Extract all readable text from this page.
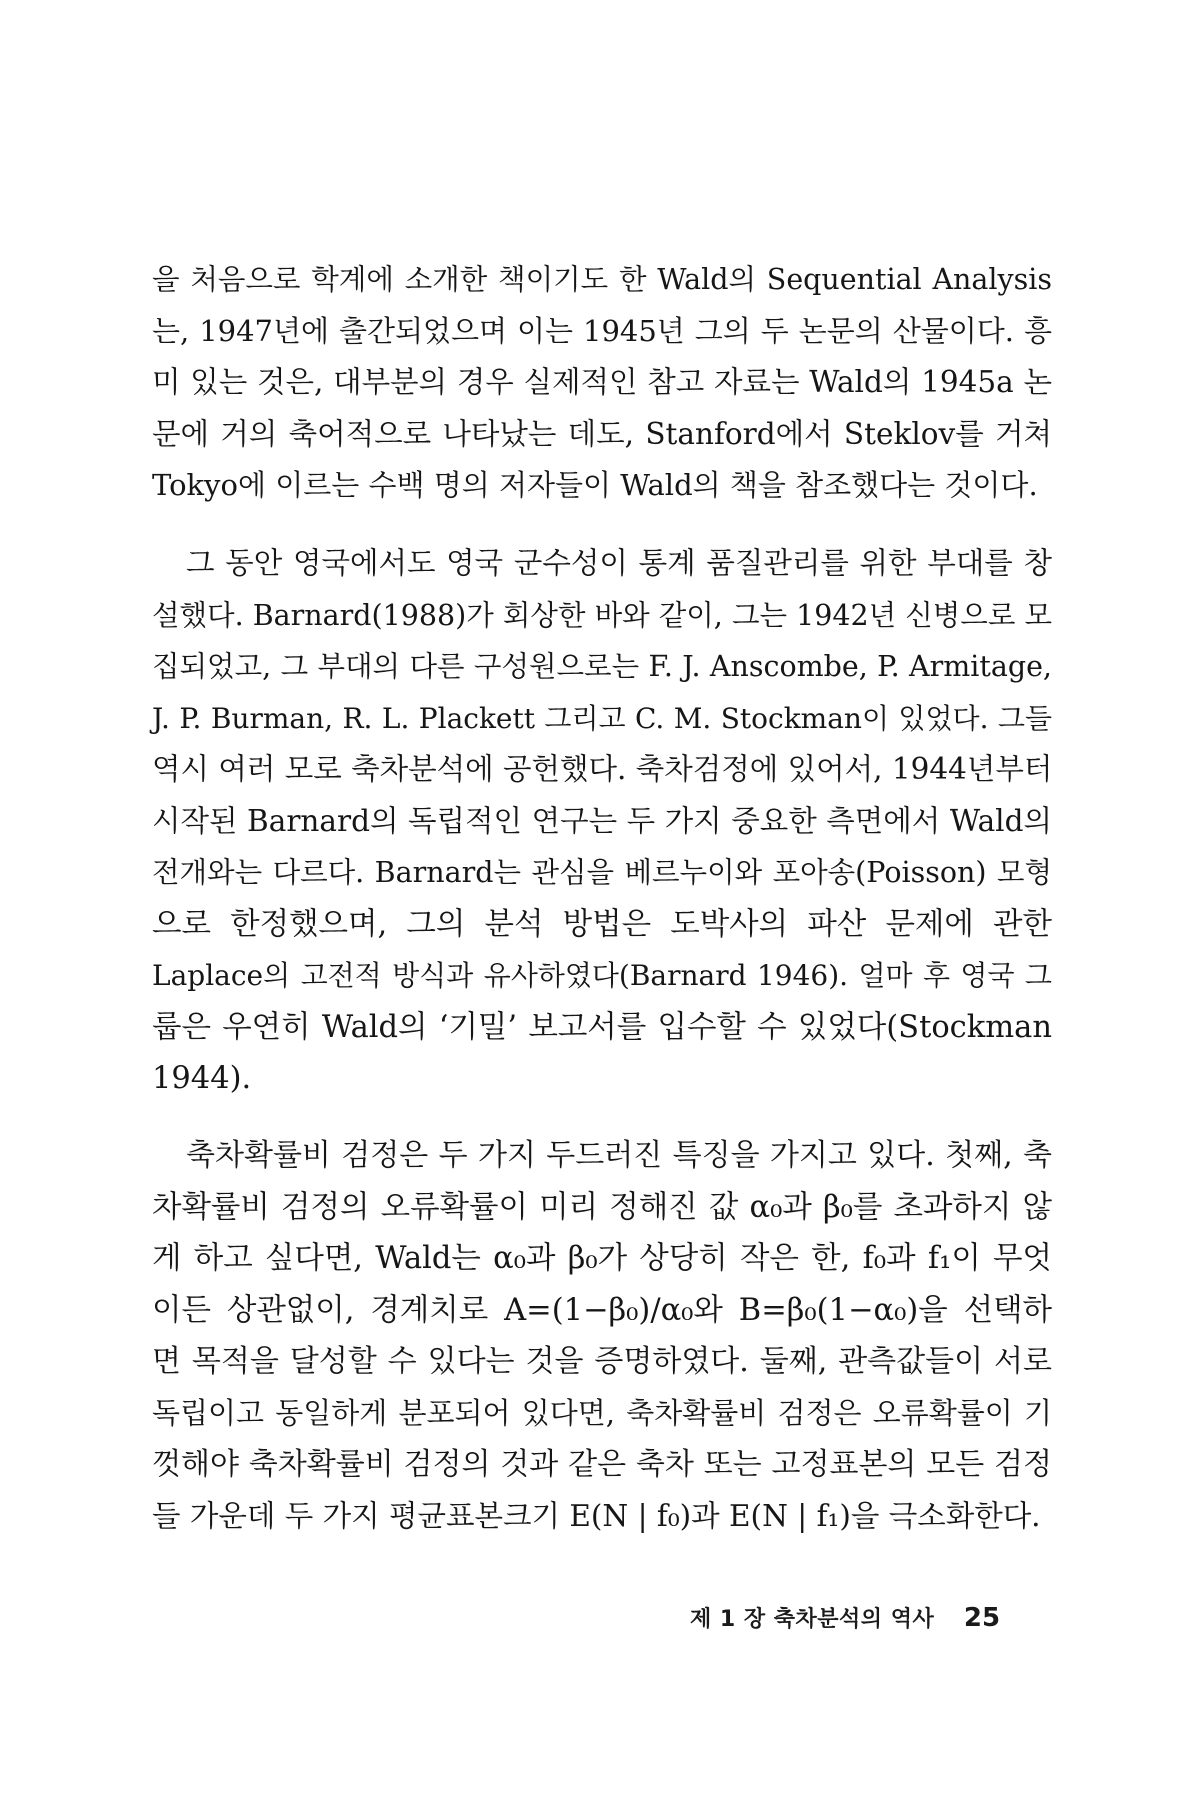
을 처음으로 학계에 소개한 책이기도 한 Wald의 Sequential Analysis
는, 1947년에 출간되었으며 이는 1945년 그의 두 논문의 산물이다. 흥
미 있는 것은, 대부분의 경우 실제적인 참고 자료는 Wald의 1945a 논
문에 거의 축어적으로 나타났는 데도, Stanford에서 Steklov를 거쳐
Tokyo에 이르는 수백 명의 저자들이 Wald의 책을 참조했다는 것이다.
그 동안 영국에서도 영국 군수성이 통계 품질관리를 위한 부대를 창
설했다. Barnard(1988)가 회상한 바와 같이, 그는 1942년 신병으로 모
집되었고, 그 부대의 다른 구성원으로는 F. J. Anscombe, P. Armitage,
J. P. Burman, R. L. Plackett 그리고 C. M. Stockman이 있었다. 그들
역시 여러 모로 축차분석에 공헌했다. 축차검정에 있어서, 1944년부터
시작된 Barnard의 독립적인 연구는 두 가지 중요한 측면에서 Wald의
전개와는 다르다. Barnard는 관심을 베르누이와 포아송(Poisson) 모형
으로 한정했으며, 그의 분석 방법은 도박사의 파산 문제에 관한
Laplace의 고전적 방식과 유사하였다(Barnard 1946). 얼마 후 영국 그
룹은 우연히 Wald의 ‘기밀’ 보고서를 입수할 수 있었다(Stockman
1944).
축차확률비 검정은 두 가지 두드러진 특징을 가지고 있다. 첫째, 축
차확률비 검정의 오류확률이 미리 정해진 값 α₀과 β₀를 초과하지 않
게 하고 싶다면, Wald는 α₀과 β₀가 상당히 작은 한, f₀과 f₁이 무엇
이든 상관없이, 경계치로 A=(1−β₀)/α₀와 B=β₀(1−α₀)을 선택하
면 목적을 달성할 수 있다는 것을 증명하였다. 둘째, 관측값들이 서로
독립이고 동일하게 분포되어 있다면, 축차확률비 검정은 오류확률이 기
껏해야 축차확률비 검정의 것과 같은 축차 또는 고정표본의 모든 검정
들 가운데 두 가지 평균표본크기 E(N | f₀)과 E(N | f₁)을 극소화한다.
제 1 장 축차분석의 역사 25
